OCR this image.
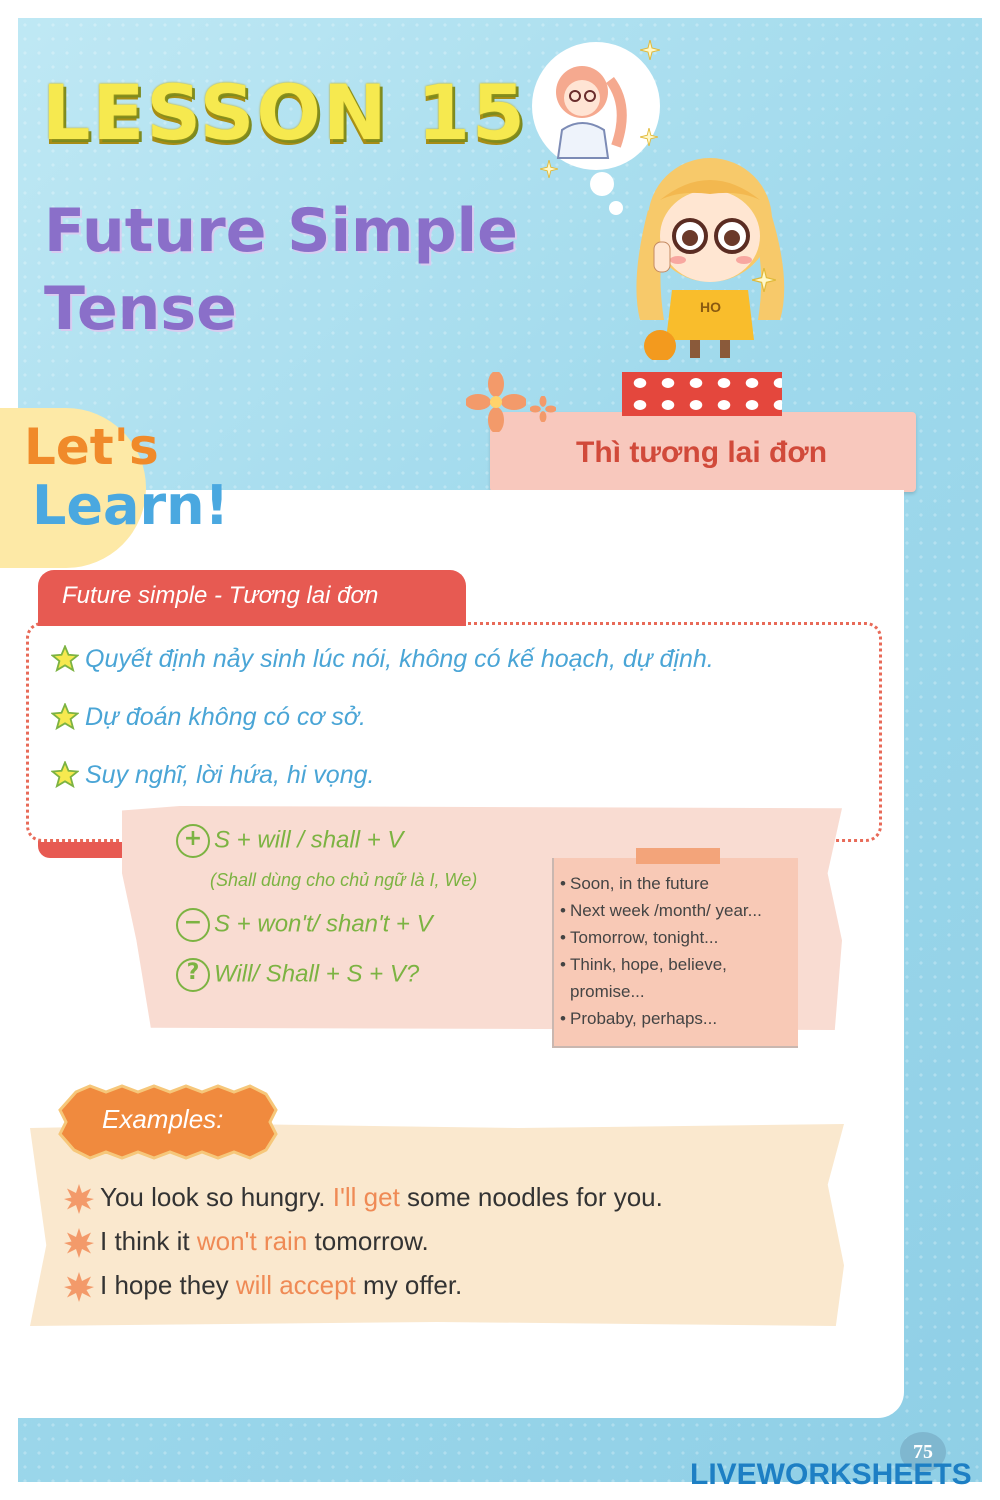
LESSON 15
Future Simple
Tense	HO
Thì tương lai đơn
Let's
Learn!
Quyết định nảy sinh lúc nói, không có kế hoạch, dự định.
Dự đoán không có cơ sở.
Suy nghĩ, lời hứa, hi vọng.
Future simple - Tương lai đơn
+ S + will / shall + V
(Shall dùng cho chủ ngữ là I, We)
− S + won't/ shan't + V
? Will/ Shall + S + V?
• Soon, in the future
• Next week /month/ year...
• Tomorrow, tonight...
• Think, hope, believe, promise...
• Probaby, perhaps...
Examples:
You look so hungry. I'll get some noodles for you.
I think it won't rain tomorrow.
I hope they will accept my offer.
75
LIVEWORKSHEETS
